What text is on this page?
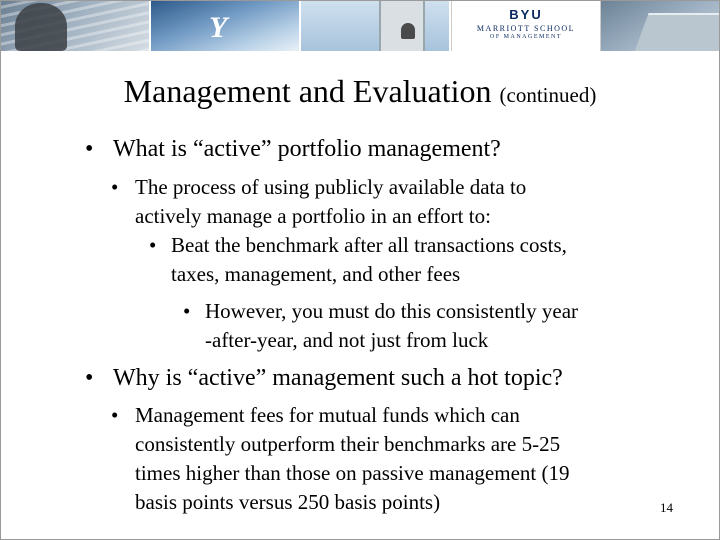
Y	BYU
MARRIOTT SCHOOL
OF MANAGEMENT
Management and Evaluation (continued)
• What is “active” portfolio management?
• The process of using publicly available data to
actively manage a portfolio in an effort to:
• Beat the benchmark after all transactions costs,
taxes, management, and other fees
• However, you must do this consistently year
-after-year, and not just from luck
• Why is “active” management such a hot topic?
• Management fees for mutual funds which can
consistently outperform their benchmarks are 5-25
times higher than those on passive management (19
basis points versus 250 basis points)	14
